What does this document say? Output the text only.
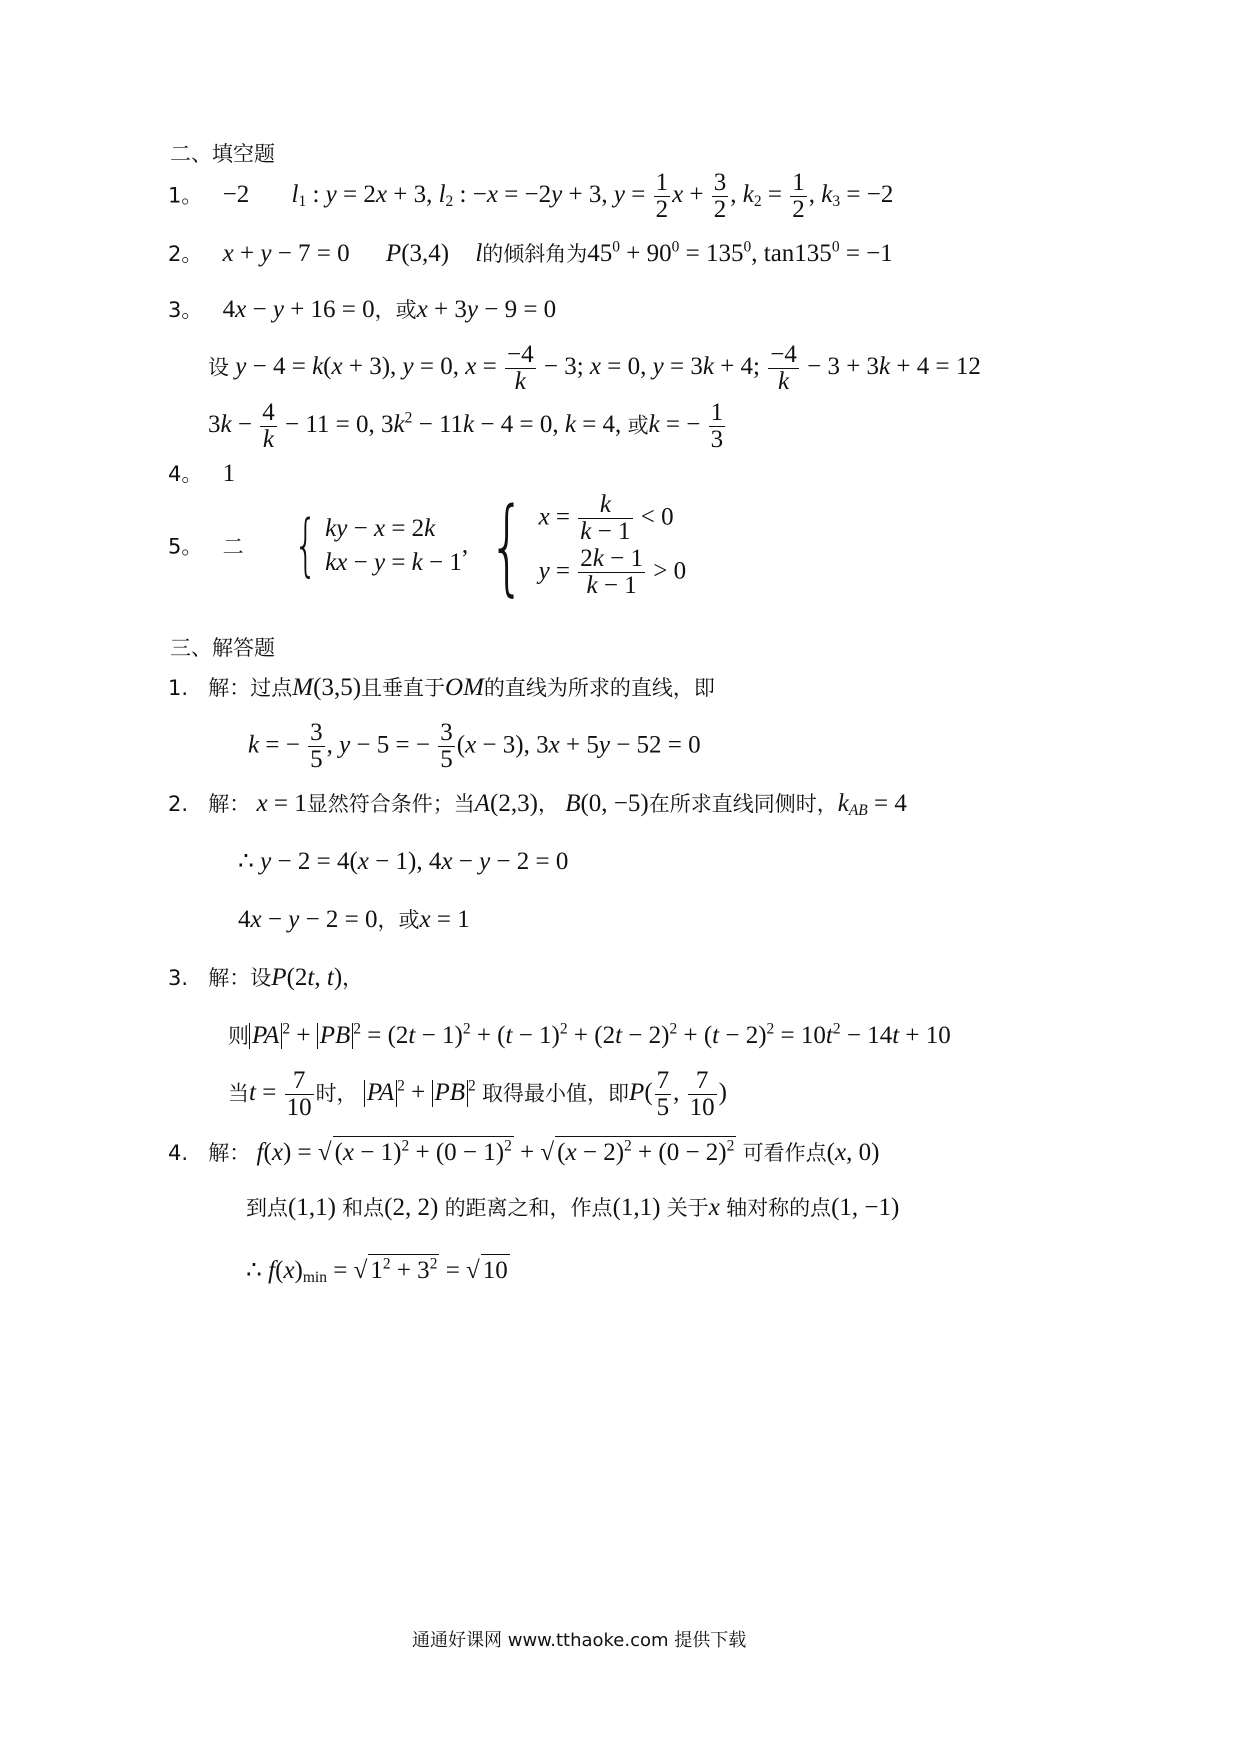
二、填空题
1。 −2 $l_1$ : y = 2x + 3, $l_2$ : −x = −2y + 3, $y = \frac{1}{2}$ $x + \frac{3}{2}$ , $k_2 = \frac{1}{2}$ , $k_3 = -2$
2。 x + y − 7 = 0 P(3,4) l的倾斜角为$45^0 + 90^0 = 135^0$, $\tan 135^0 = -1$
3。 4x − y + 16 = 0，或x + 3y − 9 = 0
设 y − 4 = k(x + 3), y = 0, $x = \frac{-4}{k} - 3$; x = 0, y = 3k + 4; $\frac{-4}{k} - 3 + 3k + 4 = 12$
$3k - \frac{4}{k} - 11 = 0$, $3k^2 - 11k - 4 = 0$, k = 4, 或k = − $\frac{1}{3}$
4。 1
5。 二 { ky − x = 2k
kx − y = k − 1
, { $x = \frac{k}{k - 1} < 0$
$y = \frac{2k - 1}{k - 1} > 0$
三、解答题
1. 解：过点M(3,5)且垂直于OM的直线为所求的直线，即
k = − $\frac{3}{5}$ , y − 5 = − $\frac{3}{5} (x - 3)$, 3x + 5y − 52 = 0
2. 解： x = 1显然符合条件；当A(2,3)， B(0, −5)在所求直线同侧时，$k_{AB} = 4$
∴ y − 2 = 4(x − 1), 4x − y − 2 = 0
4x − y − 2 = 0，或x = 1
3. 解：设P(2t, t)，
则 PA $^2$ + PB $^2 = (2t - 1)^2 + (t - 1)^2 + (2t - 2)^2 + (t - 2)^2 = 10t^2 - 14t + 10$
当$t = \frac{7}{10}$ 时， PA $^2$ + PB $^2$ 取得最小值，即$P( \frac{7}{5}$ , $\frac{7}{10}$ )
4. 解： f(x) = √ $(x - 1)^2 + (0 - 1)^2$ + √ $(x - 2)^2 + (0 - 2)^2$ 可看作点(x, 0)
到点(1,1) 和点(2, 2) 的距离之和，作点(1,1) 关于x 轴对称的点(1, −1)
∴ $f(x)_{min}$ = √ $1^2 + 3^2$ = √ 10
通通好课网 www.tthaoke.com 提供下载
